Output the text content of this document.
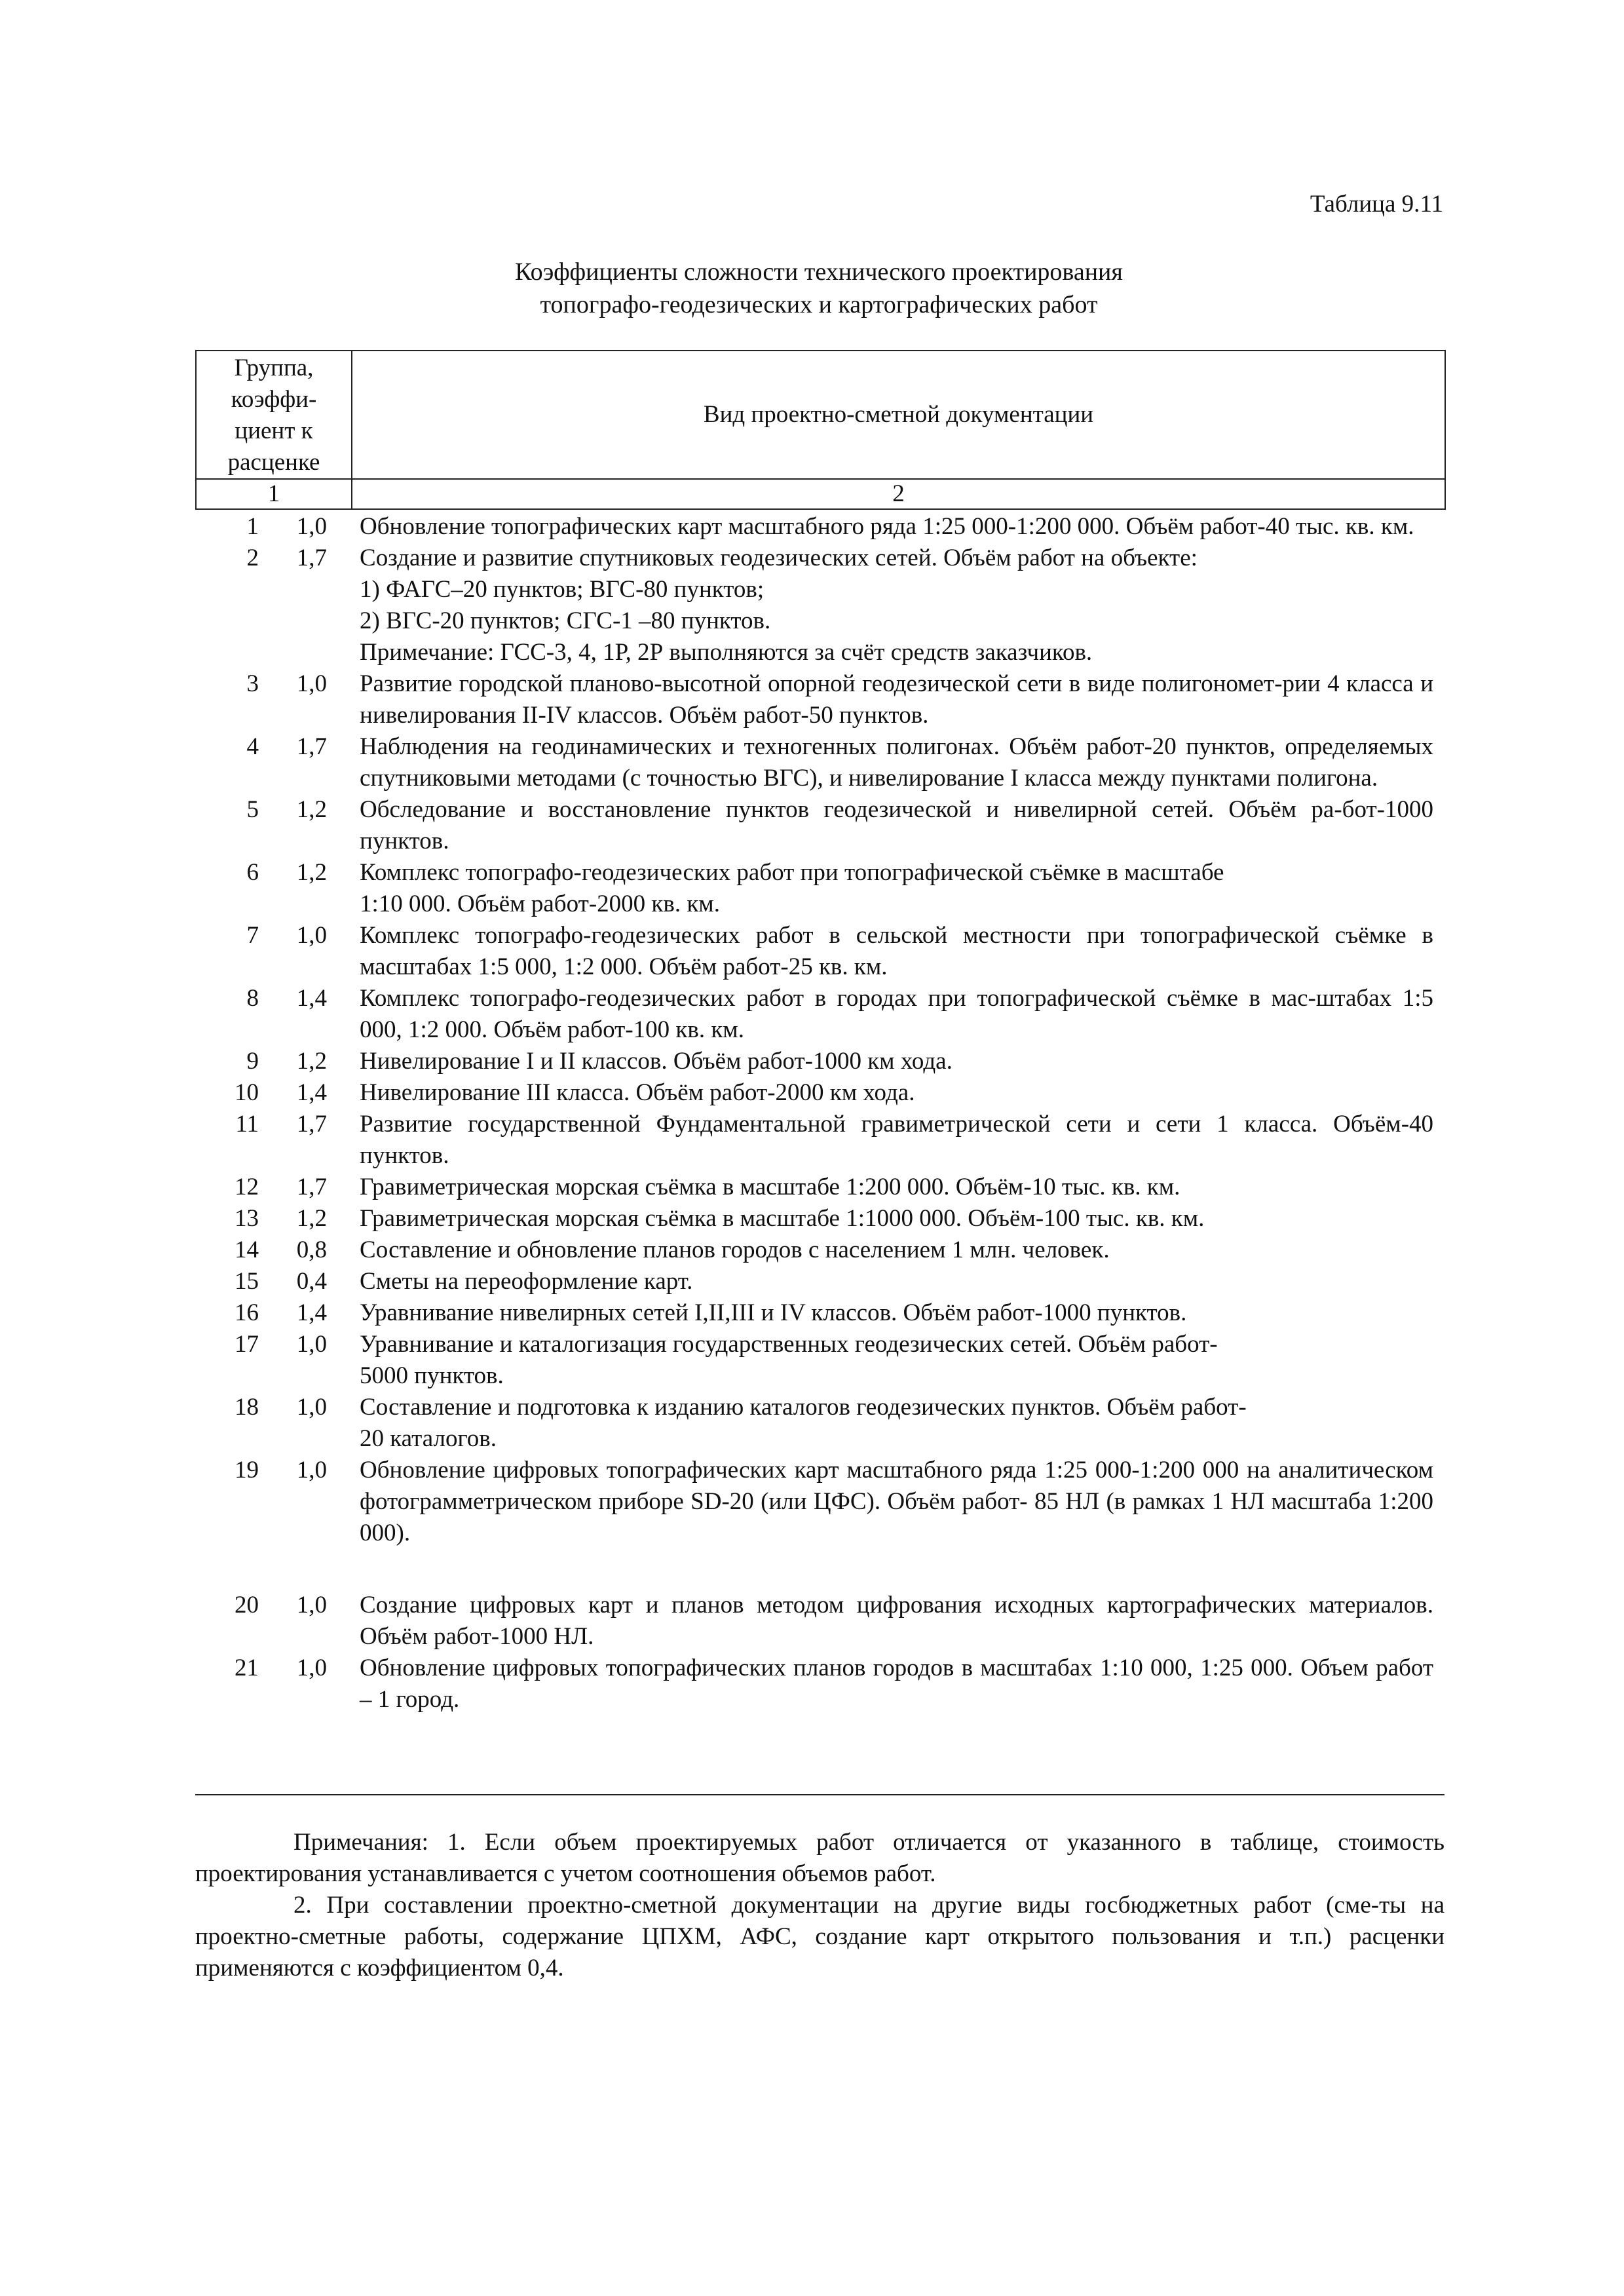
Таблица 9.11
Коэффициенты сложности технического проектирования
топографо-геодезических и картографических работ
Группа,
коэффи-
циент к
расценке		Вид проектно-сметной документации
1		2
1	1,0	Обновление топографических карт масштабного ряда 1:25 000-1:200 000. Объём работ-40 тыс. кв. км.

2	1,7	Создание и развитие спутниковых геодезических сетей. Объём работ на объекте:
1) ФАГС–20 пунктов; ВГС-80 пунктов;
2) ВГС-20 пунктов; СГС-1 –80 пунктов.
Примечание: ГСС-3, 4, 1Р, 2Р выполняются за счёт средств заказчиков.

3	1,0	Развитие городской планово-высотной опорной геодезической сети в виде полигономет-рии 4 класса и нивелирования II-IV классов. Объём работ-50 пунктов.

4	1,7	Наблюдения на геодинамических и техногенных полигонах. Объём работ-20 пунктов, определяемых спутниковыми методами (с точностью ВГС), и нивелирование I класса между пунктами полигона.

5	1,2	Обследование и восстановление пунктов геодезической и нивелирной сетей. Объём ра-бот-1000 пунктов.

6	1,2	Комплекс топографо-геодезических работ при топографической съёмке в масштабе
1:10 000. Объём работ-2000 кв. км.

7	1,0	Комплекс топографо-геодезических работ в сельской местности при топографической съёмке в масштабах 1:5 000, 1:2 000. Объём работ-25 кв. км.

8	1,4	Комплекс топографо-геодезических работ в городах при топографической съёмке в мас-штабах 1:5 000, 1:2 000. Объём работ-100 кв. км.

9	1,2	Нивелирование I и II классов. Объём работ-1000 км хода.

10	1,4	Нивелирование III класса. Объём работ-2000 км хода.

11	1,7	Развитие государственной Фундаментальной гравиметрической сети и сети 1 класса. Объём-40 пунктов.

12	1,7	Гравиметрическая морская съёмка в масштабе 1:200 000. Объём-10 тыс. кв. км.

13	1,2	Гравиметрическая морская съёмка в масштабе 1:1000 000. Объём-100 тыс. кв. км.

14	0,8	Составление и обновление планов городов с населением 1 млн. человек.

15	0,4	Сметы на переоформление карт.

16	1,4	Уравнивание нивелирных сетей I,II,III и IV классов. Объём работ-1000 пунктов.

17	1,0	Уравнивание и каталогизация государственных геодезических сетей. Объём работ-
5000 пунктов.

18	1,0	Составление и подготовка к изданию каталогов геодезических пунктов. Объём работ-
20 каталогов.

19	1,0	Обновление цифровых топографических карт масштабного ряда 1:25 000-1:200 000 на аналитическом фотограмметрическом приборе SD-20 (или ЦФС). Объём работ- 85 НЛ (в рамках 1 НЛ масштаба 1:200 000).

20	1,0	Создание цифровых карт и планов методом цифрования исходных картографических материалов. Объём работ-1000 НЛ.

21	1,0	Обновление цифровых топографических планов городов в масштабах 1:10 000, 1:25 000. Объем работ – 1 город.

Примечания: 1. Если объем проектируемых работ отличается от указанного в таблице, стоимость проектирования устанавливается с учетом соотношения объемов работ.

2. При составлении проектно-сметной документации на другие виды госбюджетных работ (сме-ты на проектно-сметные работы, содержание ЦПХМ, АФС, создание карт открытого пользования и т.п.) расценки применяются с коэффициентом 0,4.
